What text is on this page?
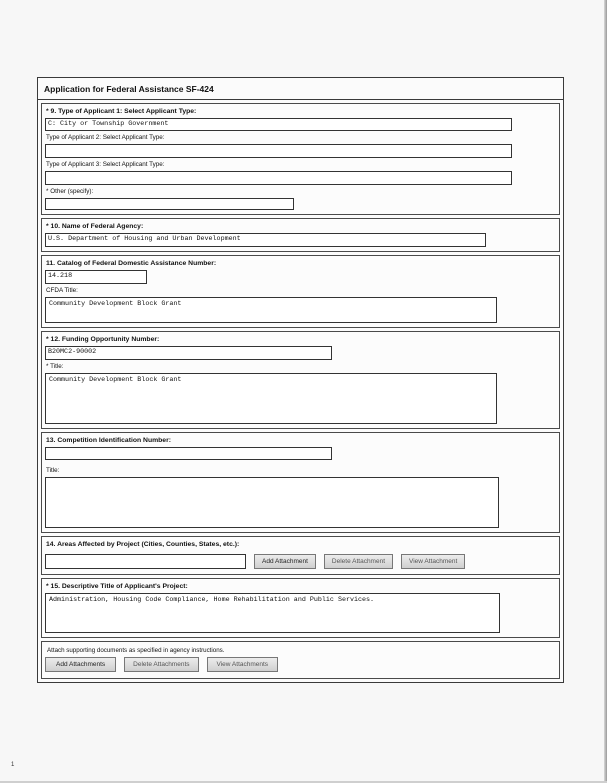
Application for Federal Assistance SF-424
* 9. Type of Applicant 1: Select Applicant Type:
C: City or Township Government
Type of Applicant 2: Select Applicant Type:
Type of Applicant 3: Select Applicant Type:
* Other (specify):
* 10. Name of Federal Agency:
U.S. Department of Housing and Urban Development
11. Catalog of Federal Domestic Assistance Number:
14.218
CFDA Title:
Community Development Block Grant
* 12. Funding Opportunity Number:
B20MC2-90002
* Title:
Community Development Block Grant
13. Competition Identification Number:
Title:
14. Areas Affected by Project (Cities, Counties, States, etc.):
Add Attachment	Delete Attachment	View Attachment
* 15. Descriptive Title of Applicant's Project:
Administration, Housing Code Compliance, Home Rehabilitation and Public Services.
Attach supporting documents as specified in agency instructions.
Add Attachments	Delete Attachments	View Attachments
1
